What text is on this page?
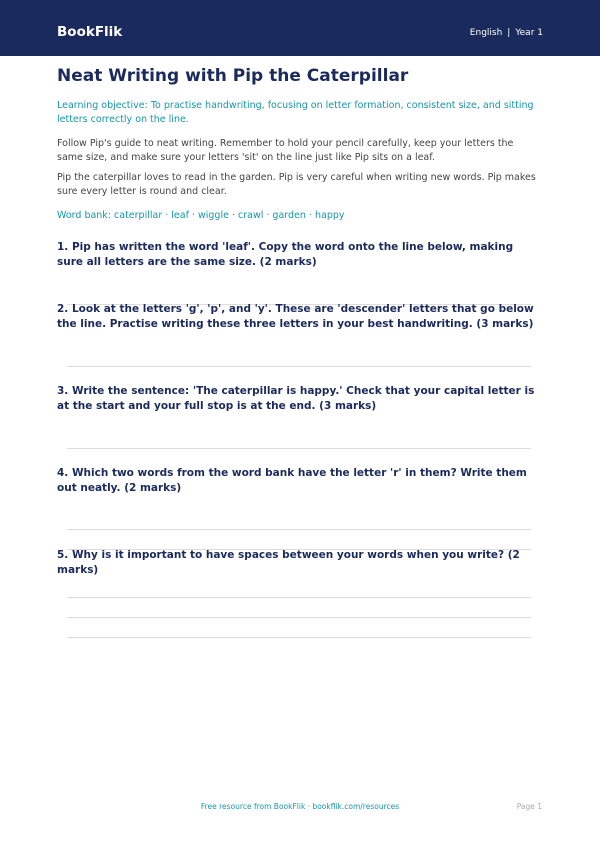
BookFlik	English | Year 1
Neat Writing with Pip the Caterpillar

Learning objective: To practise handwriting, focusing on letter formation, consistent size, and sitting letters correctly on the line.

Follow Pip's guide to neat writing. Remember to hold your pencil carefully, keep your letters the same size, and make sure your letters 'sit' on the line just like Pip sits on a leaf.

Pip the caterpillar loves to read in the garden. Pip is very careful when writing new words. Pip makes sure every letter is round and clear.

Word bank: caterpillar · leaf · wiggle · crawl · garden · happy

1. Pip has written the word 'leaf'. Copy the word onto the line below, making sure all letters are the same size. (2 marks)

2. Look at the letters 'g', 'p', and 'y'. These are 'descender' letters that go below the line. Practise writing these three letters in your best handwriting. (3 marks)

3. Write the sentence: 'The caterpillar is happy.' Check that your capital letter is at the start and your full stop is at the end. (3 marks)

4. Which two words from the word bank have the letter 'r' in them? Write them out neatly. (2 marks)

5. Why is it important to have spaces between your words when you write? (2 marks)

Free resource from BookFlik · bookflik.com/resources	Page 1
